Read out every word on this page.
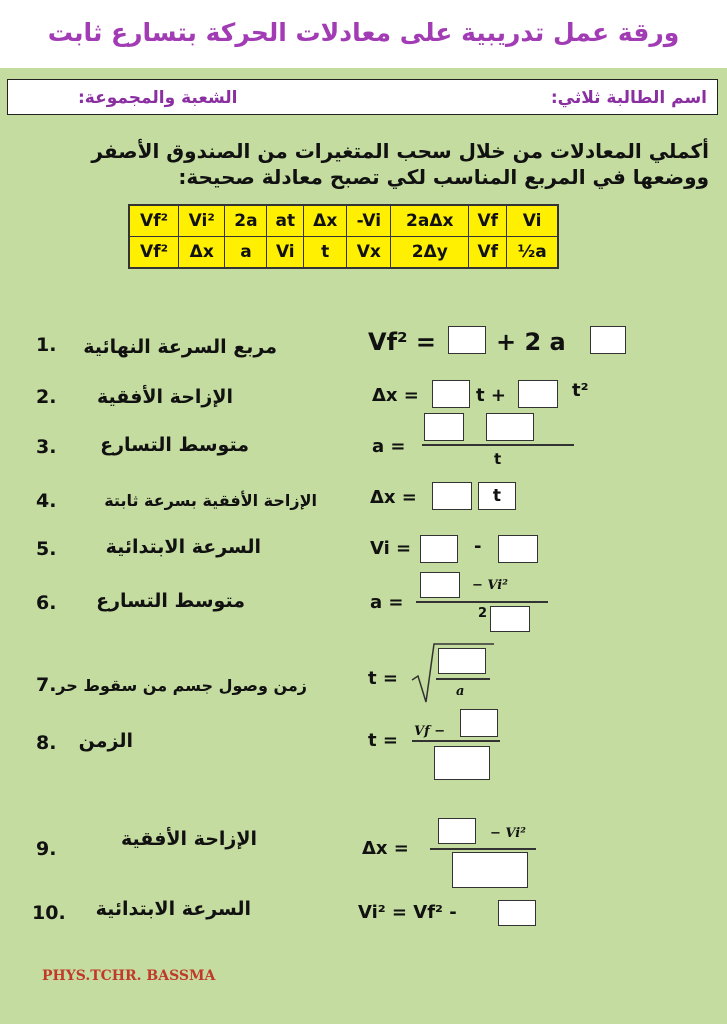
ورقة عمل تدريبية على معادلات الحركة بتسارع ثابت
اسم الطالبة ثلاثي:
الشعبة والمجموعة:
أكملي المعادلات من خلال سحب المتغيرات من الصندوق الأصفر
ووضعها في المربع المناسب لكي تصبح معادلة صحيحة:
Vf²	Vi²	2a	at	Δx	-Vi	2aΔx	Vf	Vi
Vf²	Δx	a	Vi	t	Vx	2Δy	Vf	½a
1. مربع السرعة النهائية
2. الإزاحة الأفقية
3. متوسط التسارع
4.	الإزاحة الأفقية بسرعة ثابتة
5.	السرعة الابتدائية
6. متوسط التسارع
7. زمن وصول جسم من سقوط حر
8. الزمن
9.	الإزاحة الأفقية
10. السرعة الابتدائية
Vf² =	+ 2 a
Δx =	t +	t²
a =
t
Δx =	t
Vi =	-
a =
− Vi²
2
t =
a
t = Vf −
Δx =
− Vi²
Vi² = Vf² -
PHYS.TCHR. BASSMA
